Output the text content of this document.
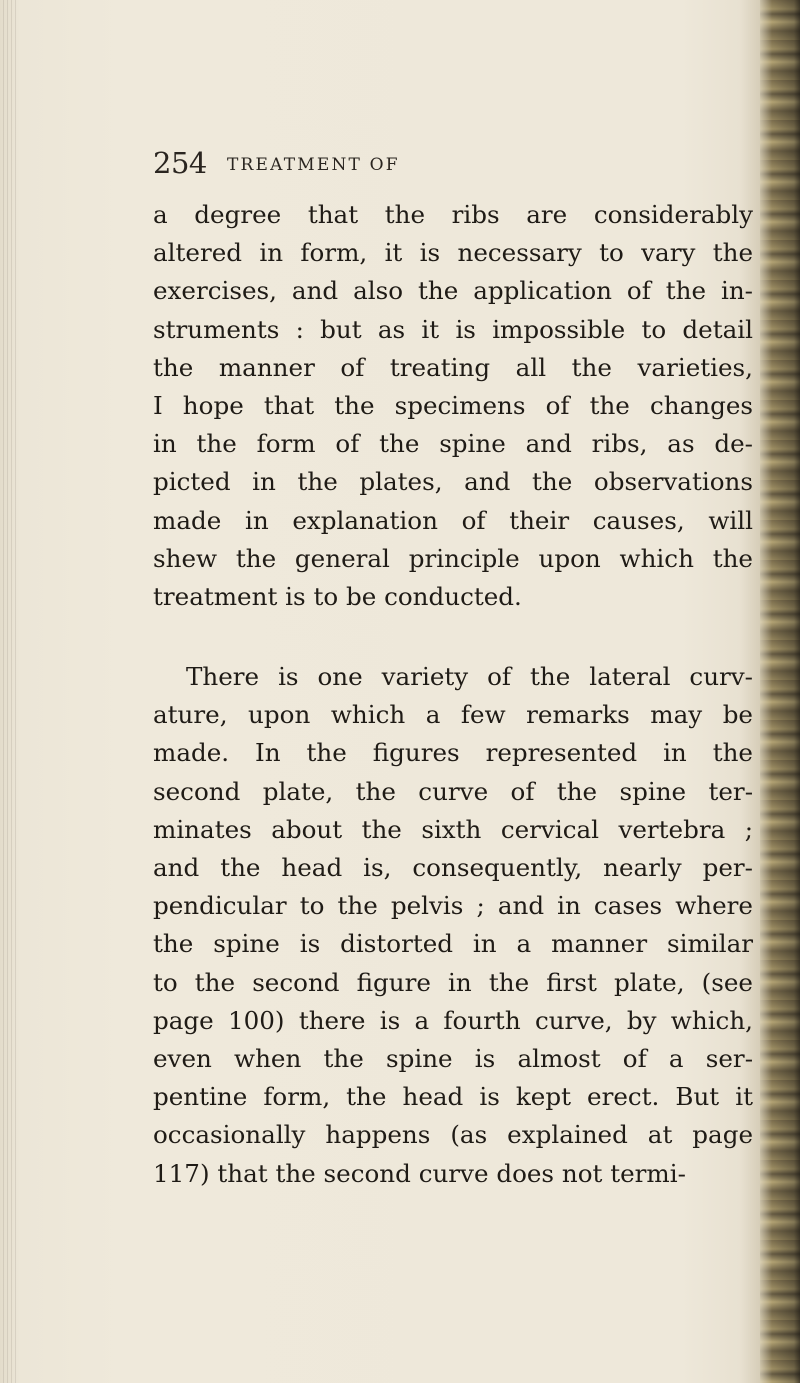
254 TREATMENT OF
a degree that the ribs are considerably
altered in form, it is necessary to vary the
exercises, and also the application of the in-
struments : but as it is impossible to detail
the manner of treating all the varieties,
I hope that the specimens of the changes
in the form of the spine and ribs, as de-
picted in the plates, and the observations
made in explanation of their causes, will
shew the general principle upon which the
treatment is to be conducted.
There is one variety of the lateral curv-
ature, upon which a few remarks may be
made. In the figures represented in the
second plate, the curve of the spine ter-
minates about the sixth cervical vertebra ;
and the head is, consequently, nearly per-
pendicular to the pelvis ; and in cases where
the spine is distorted in a manner similar
to the second figure in the first plate, (see
page 100) there is a fourth curve, by which,
even when the spine is almost of a ser-
pentine form, the head is kept erect. But it
occasionally happens (as explained at page
117) that the second curve does not termi-
